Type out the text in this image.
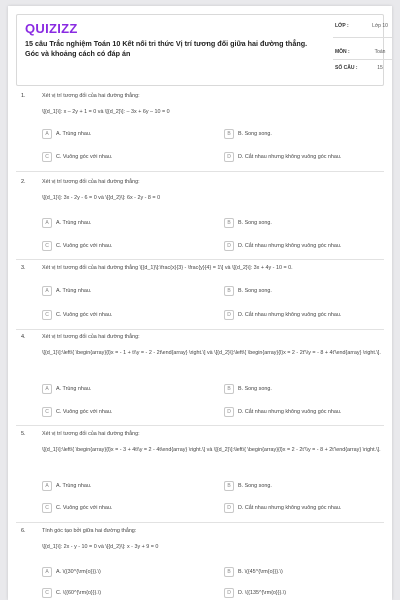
QUIZIZZ
15 câu Trắc nghiệm Toán 10 Kết nối tri thức Vị trí tương đối giữa hai đường thẳng. Góc và khoảng cách có đáp án
LỚP :	Lớp 10
MÔN :	Toán
SỐ CÂU :	15
1.	Xét vị trí tương đối của hai đường thẳng:
\[{d_1}\]: x – 2y + 1 = 0 và \[{d_2}\]: – 3x + 6y – 10 = 0
A	A. Trùng nhau.	B	B. Song song.
C	C. Vuông góc với nhau.	D	D. Cắt nhau nhưng không vuông góc nhau.
2.	Xét vị trí tương đối của hai đường thẳng:
\[{d_1}\]: 3x - 2y - 6 = 0 và \[{d_2}\]: 6x - 2y - 8 = 0
A	A. Trùng nhau.	B	B. Song song.
C	C. Vuông góc với nhau.	D	D. Cắt nhau nhưng không vuông góc nhau.
3.	Xét vị trí tương đối của hai đường thẳng \[{d_1}\]:\frac{x}{3} - \frac{y}{4} = 1\] và \[{d_2}\]: 3x + 4y - 10 = 0.
A	A. Trùng nhau.	B	B. Song song.
C	C. Vuông góc với nhau.	D	D. Cắt nhau nhưng không vuông góc nhau.
4.	Xét vị trí tương đối của hai đường thẳng:
\[{d_1}\]:\left\{ \begin{array}{l}x = - 1 + t\\y = - 2 - 2t\end{array} \right.\] và \[{d_2}\]:\left\{ \begin{array}{l}x = 2 - 2t'\\y = - 8 + 4t'\end{array} \right.\].
A	A. Trùng nhau.	B	B. Song song.
C	C. Vuông góc với nhau.	D	D. Cắt nhau nhưng không vuông góc nhau.
5.	Xét vị trí tương đối của hai đường thẳng:
\[{d_1}\]:\left\{ \begin{array}{l}x = - 3 + 4t\\y = 2 - 4t\end{array} \right.\] và \[{d_2}\]:\left\{ \begin{array}{l}x = 2 - 2t'\\y = - 8 + 2t'\end{array} \right.\].
A	A. Trùng nhau.	B	B. Song song.
C	C. Vuông góc với nhau.	D	D. Cắt nhau nhưng không vuông góc nhau.
6.	Tính góc tạo bởi giữa hai đường thẳng:
\[{d_1}\]: 2x - y - 10 = 0 và \[{d_2}\]: x - 3y + 9 = 0
A	A. \({30^{\rm{o}}}.\)	B	B. \({45^{\rm{o}}}.\)
C	C. \({60^{\rm{o}}}.\)	D	D. \({135^{\rm{o}}}.\)
